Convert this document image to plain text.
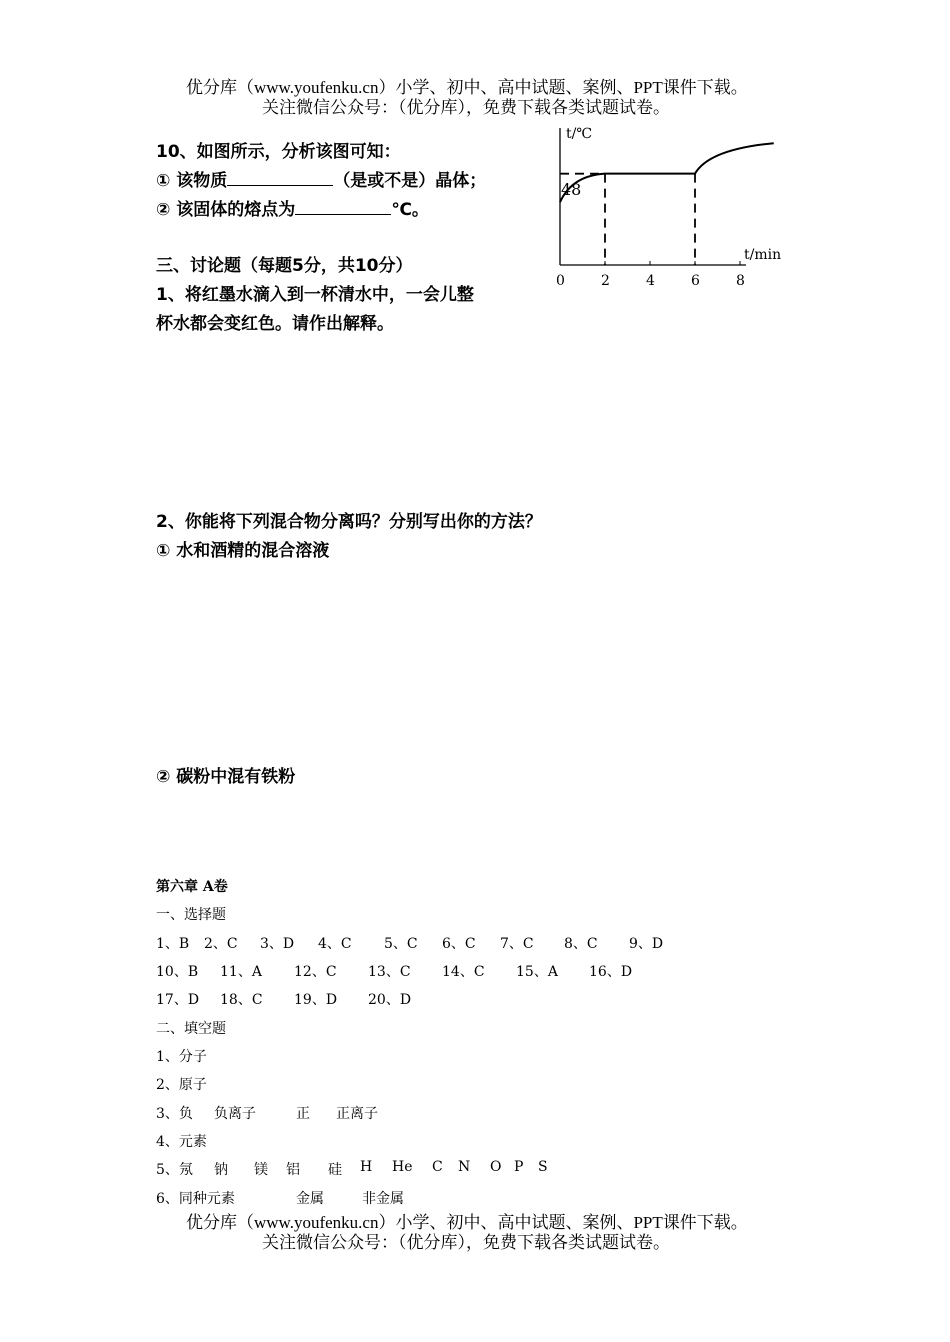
优分库（www.youfenku.cn）小学、初中、高中试题、案例、PPT课件下载。
关注微信公众号：（优分库），免费下载各类试题试卷。
10、如图所示，分析该图可知：
① 该物质	（是或不是）晶体；
② 该固体的熔点为	℃。
t/℃
t/min
48
0	2	4	6	8
三、讨论题（每题5分，共10分）
1、将红墨水滴入到一杯清水中，一会儿整
杯水都会变红色。请作出解释。
2、你能将下列混合物分离吗？分别写出你的方法？
① 水和酒精的混合溶液
② 碳粉中混有铁粉
第六章 A卷
一、选择题
1、B 2、C 3、D 4、C 5、C 6、C 7、C 8、C 9、D
10、B 11、A 12、C 13、C 14、C 15、A 16、D
17、D 18、C 19、D 20、D
二、填空题
1、分子
2、原子
3、负 负离子	正 正离子
4、元素
5、氖 钠 镁 铝 硅 H He C N O P S
6、同种元素	金属	非金属
优分库（www.youfenku.cn）小学、初中、高中试题、案例、PPT课件下载。
关注微信公众号：（优分库），免费下载各类试题试卷。
